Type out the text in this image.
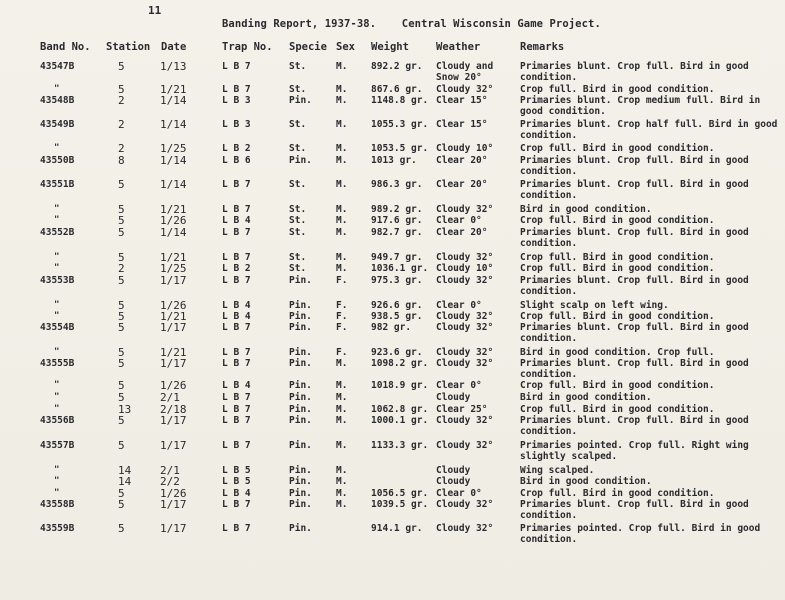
11
Banding Report, 1937-38.    Central Wisconsin Game Project.
Band No. Station Date	Trap No. Specie Sex Weight	Weather	Remarks
43547B	5	1/13	L B 7	St.	M. 892.2 gr. Cloudy and Snow 20°
Primaries blunt. Crop full. Bird in good condition.
"	5	1/21	L B 7	St.	M. 867.6 gr. Cloudy 32°	Crop full. Bird in good condition.
43548B	2	1/14	L B 3	Pin.	M. 1148.8 gr. Clear 15°	Primaries blunt. Crop medium full. Bird in good condition.
43549B	2	1/14	L B 3	St.	M. 1055.3 gr. Clear 15°	Primaries blunt. Crop half full. Bird in good condition.
"	2	1/25	L B 2	St.	M. 1053.5 gr. Cloudy 10°	Crop full. Bird in good condition.
43550B	8	1/14	L B 6	Pin.	M. 1013 gr. Clear 20°	Primaries blunt. Crop full. Bird in good condition.
43551B	5	1/14	L B 7	St.	M. 986.3 gr. Clear 20°	Primaries blunt. Crop full. Bird in good condition.
"	5	1/21	L B 7	St.	M. 989.2 gr. Cloudy 32°	Bird in good condition.
"	5	1/26	L B 4	St.	M. 917.6 gr. Clear 0°	Crop full. Bird in good condition.
43552B	5	1/14	L B 7	St.	M. 982.7 gr. Clear 20°	Primaries blunt. Crop full. Bird in good condition.
"	5	1/21	L B 7	St.	M. 949.7 gr. Cloudy 32°	Crop full. Bird in good condition.
"	2	1/25	L B 2	St.	M. 1036.1 gr. Cloudy 10°	Crop full. Bird in good condition.
43553B	5	1/17	L B 7	Pin.	F. 975.3 gr. Cloudy 32°	Primaries blunt. Crop full. Bird in good condition.
"	5	1/26	L B 4	Pin.	F. 926.6 gr. Clear 0°	Slight scalp on left wing.
"	5	1/21	L B 4	Pin.	F. 938.5 gr. Cloudy 32°	Crop full. Bird in good condition.
43554B	5	1/17	L B 7	Pin.	F. 982 gr.	Cloudy 32°	Primaries blunt. Crop full. Bird in good condition.
"	5	1/21	L B 7	Pin.	F. 923.6 gr. Cloudy 32°	Bird in good condition. Crop full.
43555B	5	1/17	L B 7	Pin.	M. 1098.2 gr. Cloudy 32°	Primaries blunt. Crop full. Bird in good condition.
"	5	1/26	L B 4	Pin.	M. 1018.9 gr. Clear 0°	Crop full. Bird in good condition.
"	5	2/1	L B 7	Pin.	M.	Cloudy	Bird in good condition.
"	13	2/18	L B 7	Pin.	M. 1062.8 gr. Clear 25°	Crop full. Bird in good condition.
43556B	5	1/17	L B 7	Pin.	M. 1000.1 gr. Cloudy 32°	Primaries blunt. Crop full. Bird in good condition.
43557B	5	1/17	L B 7	Pin.	M. 1133.3 gr. Cloudy 32°	Primaries pointed. Crop full. Right wing slightly scalped.
"	14	2/1	L B 5	Pin.	M.	Cloudy	Wing scalped.
"	14	2/2	L B 5	Pin.	M.	Cloudy	Bird in good condition.
"	5	1/26	L B 4	Pin.	M. 1056.5 gr. Clear 0°	Crop full. Bird in good condition.
43558B	5	1/17	L B 7	Pin.	M. 1039.5 gr. Cloudy 32°	Primaries blunt. Crop full. Bird in good condition.
43559B	5	1/17	L B 7	Pin.	914.1 gr. Cloudy 32°	Primaries pointed. Crop full. Bird in good condition.
